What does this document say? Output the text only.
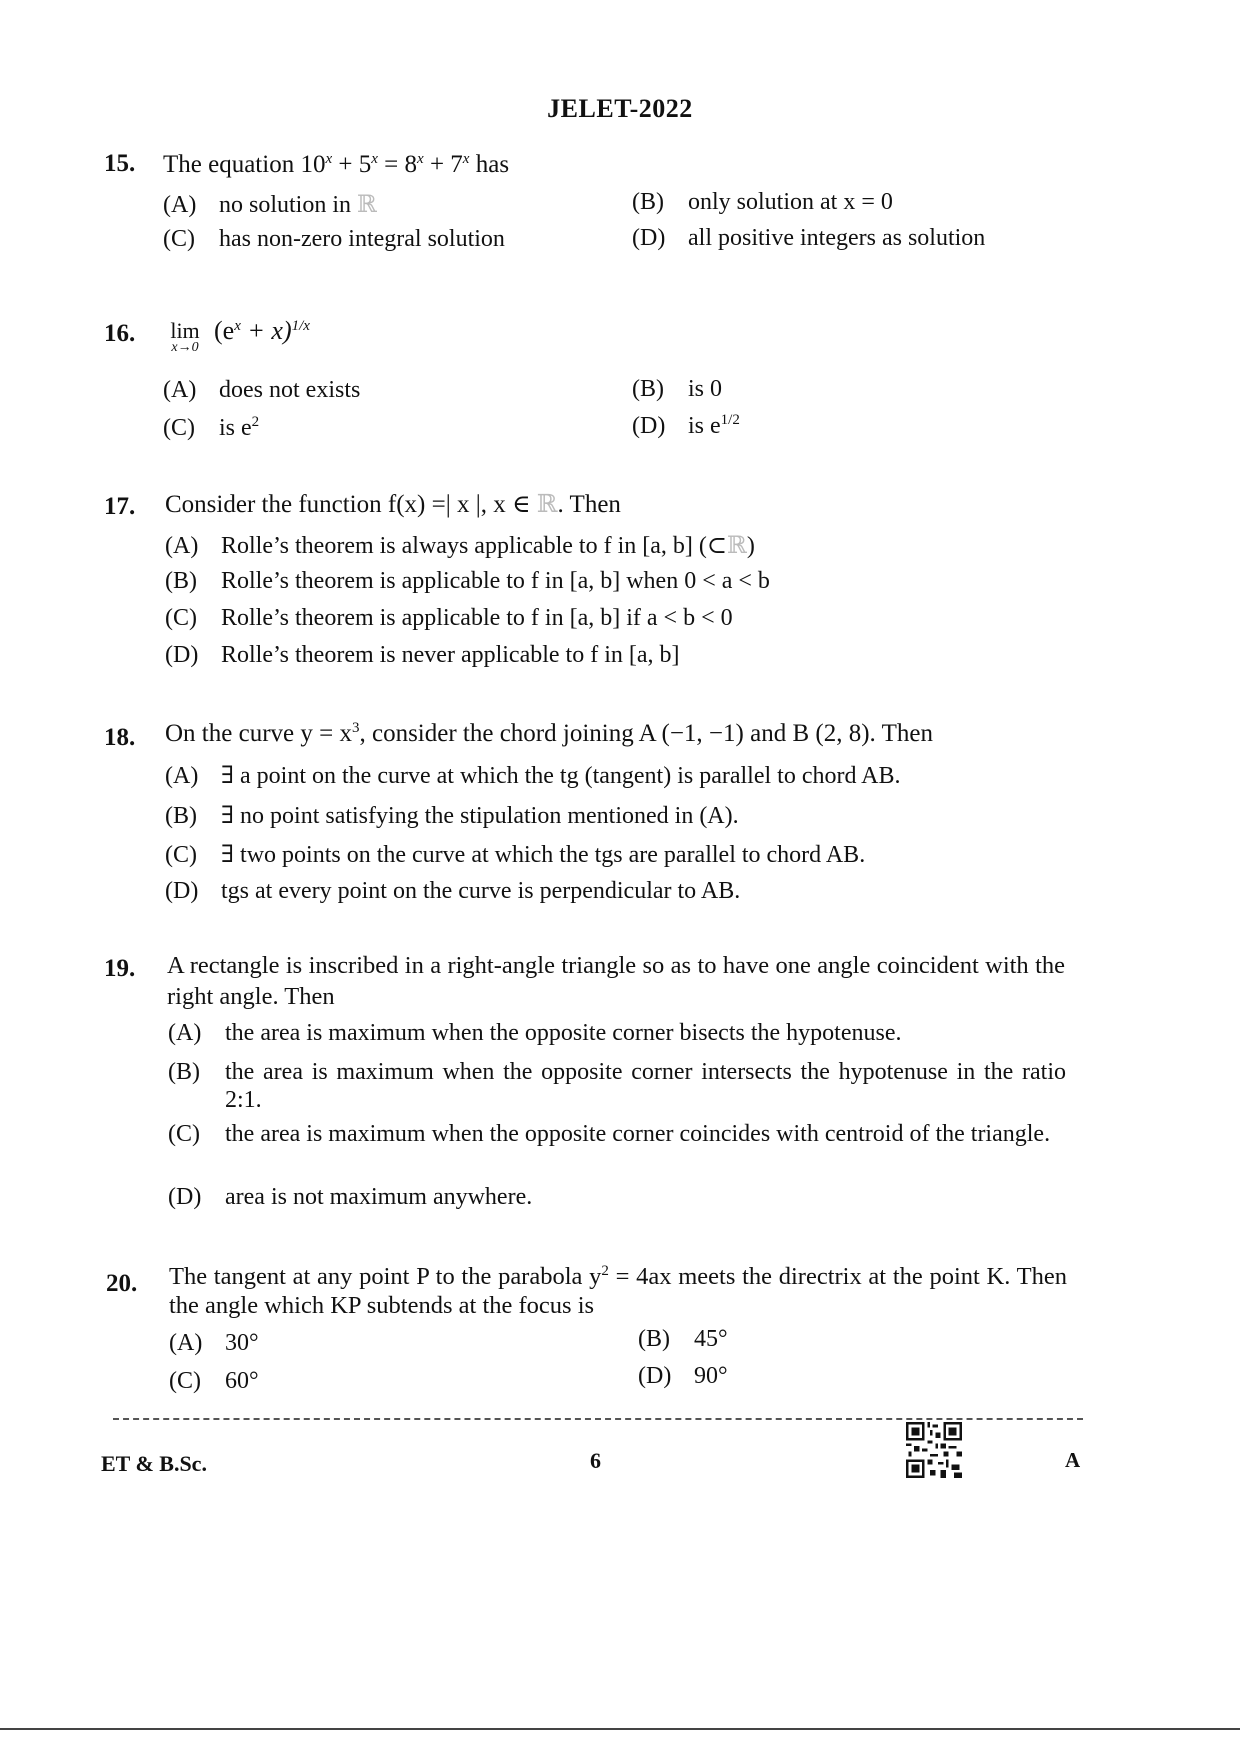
JELET-2022
15. The equation $10^x + 5^x = 8^x + 7^x$ has
(A) no solution in ℝ	(B) only solution at x = 0
(C) has non-zero integral solution	(D) all positive integers as solution
16. lim
x→0
$(e^x + x)^{1/x}$
(A) does not exists	(B) is 0
(C) is $e^2$	(D) is $e^{1/2}$
17. Consider the function f(x) =| x |, x ∈ ℝ. Then
(A) Rolle’s theorem is always applicable to f in [a, b] (⊂ℝ)
(B) Rolle’s theorem is applicable to f in [a, b] when 0 < a < b
(C) Rolle’s theorem is applicable to f in [a, b] if a < b < 0
(D) Rolle’s theorem is never applicable to f in [a, b]
18. On the curve $y = x^3$, consider the chord joining A (−1, −1) and B (2, 8). Then
(A) ∃ a point on the curve at which the tg (tangent) is parallel to chord AB.
(B) ∃ no point satisfying the stipulation mentioned in (A).
(C) ∃ two points on the curve at which the tgs are parallel to chord AB.
(D) tgs at every point on the curve is perpendicular to AB.
19. A rectangle is inscribed in a right-angle triangle so as to have one angle coincident with the right angle. Then
(A) the area is maximum when the opposite corner bisects the hypotenuse.
(B) the area is maximum when the opposite corner intersects the hypotenuse in the ratio 2:1.
(C) the area is maximum when the opposite corner coincides with centroid of the triangle.
(D) area is not maximum anywhere.
20. The tangent at any point P to the parabola $y^2 = 4ax$ meets the directrix at the point K. Then the angle which KP subtends at the focus is
(A) 30°	(B) 45°
(C) 60°	(D) 90°
ET & B.Sc.	6	A
